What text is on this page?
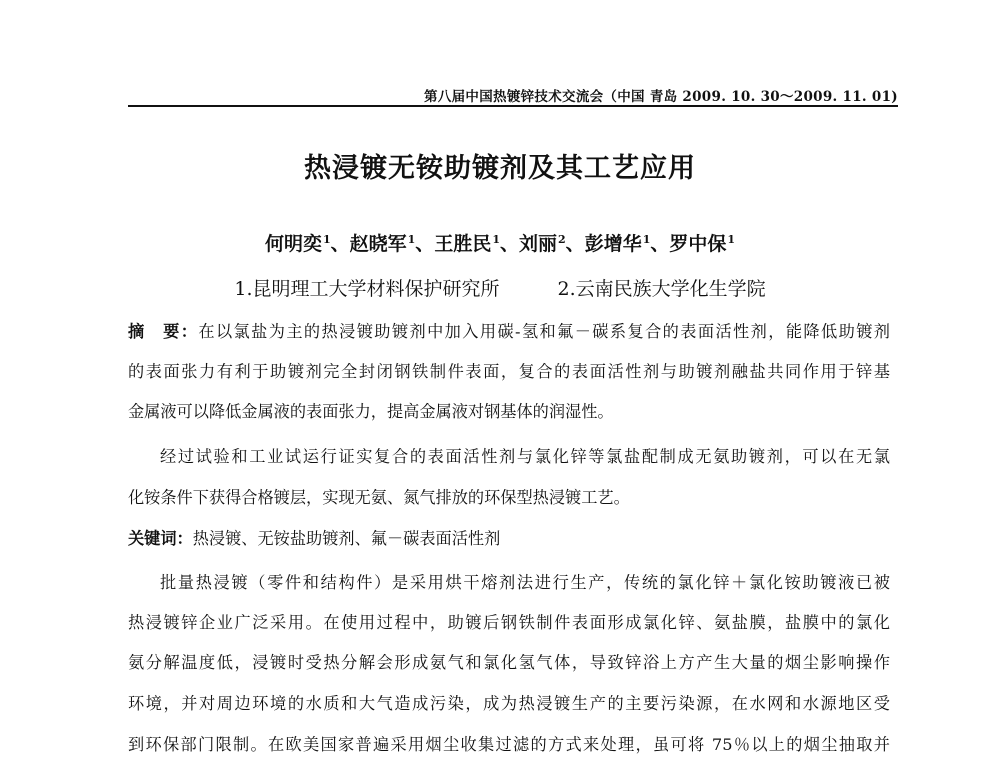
第八届中国热镀锌技术交流会（中国 青岛 2009. 10. 30～2009. 11. 01)
热浸镀无铵助镀剂及其工艺应用
何明奕$^1$、赵晓军$^1$、王胜民$^1$、刘丽$^2$、彭增华$^1$、罗中保$^1$
1.昆明理工大学材料保护研究所	2.云南民族大学化生学院
摘　要：在以氯盐为主的热浸镀助镀剂中加入用碳-氢和氟－碳系复合的表面活性剂，能降低助镀剂
的表面张力有利于助镀剂完全封闭钢铁制件表面，复合的表面活性剂与助镀剂融盐共同作用于锌基
金属液可以降低金属液的表面张力，提高金属液对钢基体的润湿性。
经过试验和工业试运行证实复合的表面活性剂与氯化锌等氯盐配制成无氨助镀剂，可以在无氯
化铵条件下获得合格镀层，实现无氨、氮气排放的环保型热浸镀工艺。
关键词：热浸镀、无铵盐助镀剂、氟－碳表面活性剂
批量热浸镀（零件和结构件）是采用烘干熔剂法进行生产，传统的氯化锌＋氯化铵助镀液已被
热浸镀锌企业广泛采用。在使用过程中，助镀后钢铁制件表面形成氯化锌、氨盐膜，盐膜中的氯化
氨分解温度低，浸镀时受热分解会形成氨气和氯化氢气体，导致锌浴上方产生大量的烟尘影响操作
环境，并对周边环境的水质和大气造成污染，成为热浸镀生产的主要污染源，在水网和水源地区受
到环保部门限制。在欧美国家普遍采用烟尘收集过滤的方式来处理，虽可将 75％以上的烟尘抽取并
